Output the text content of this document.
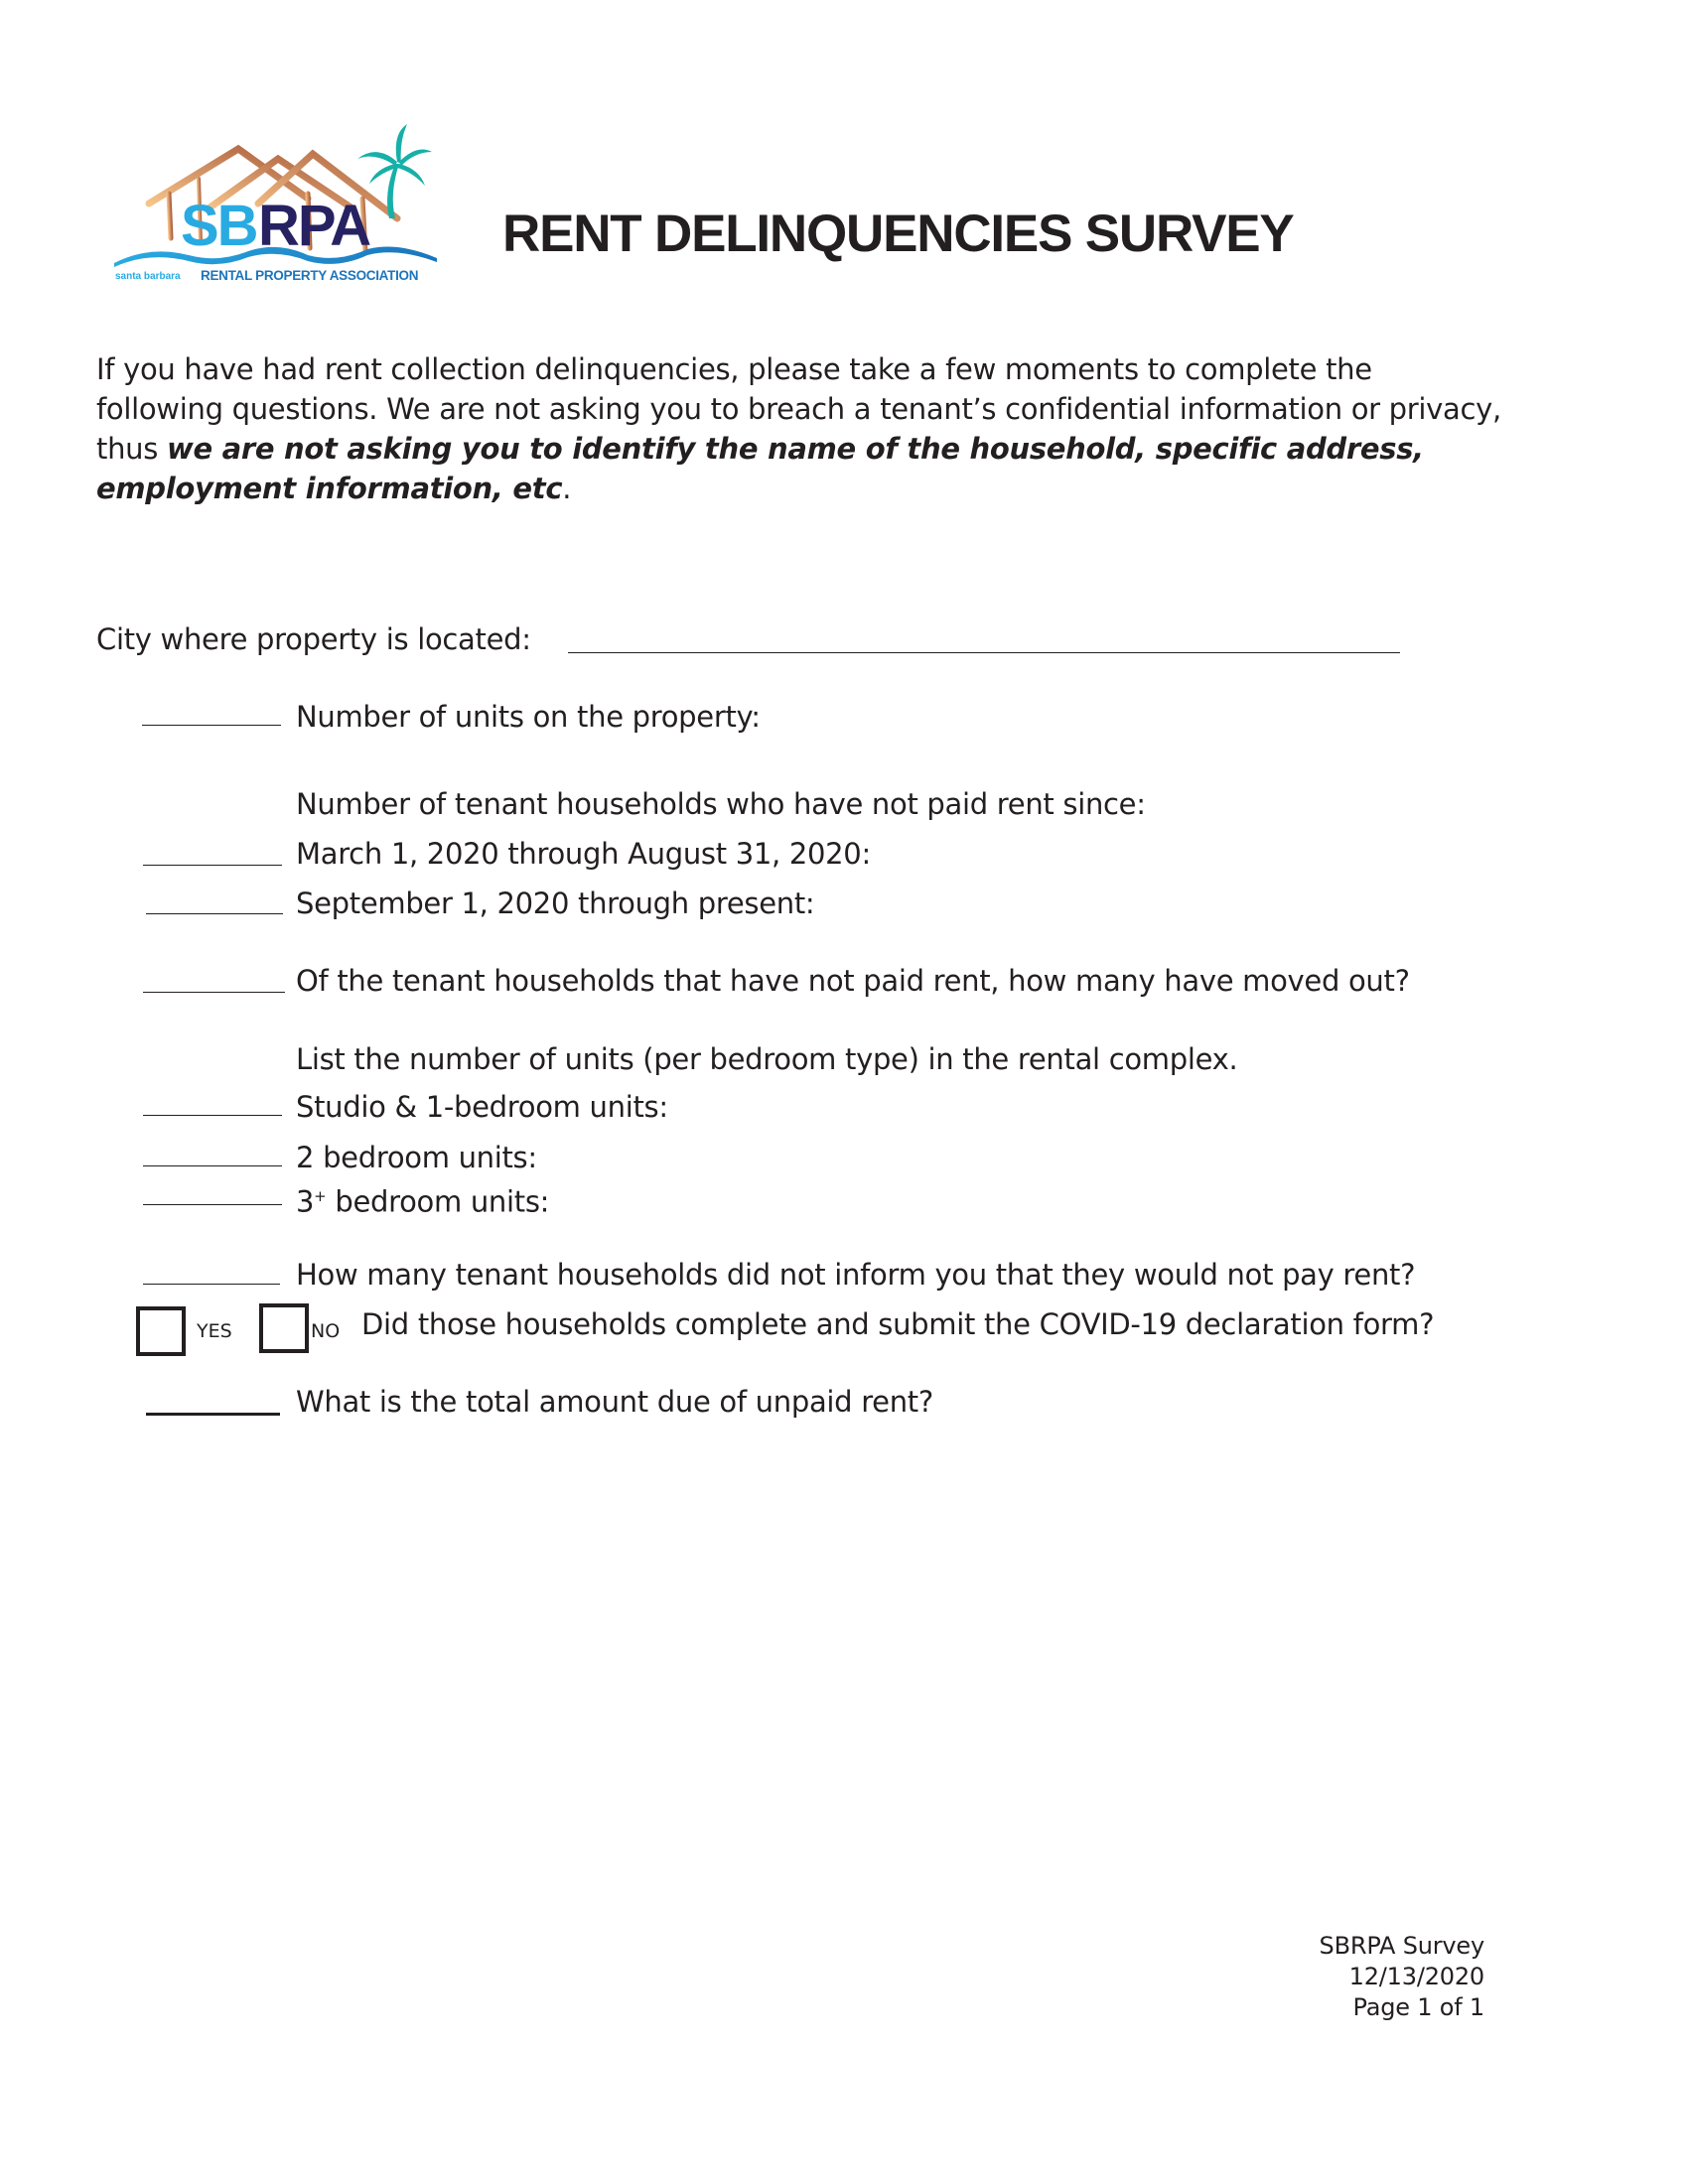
SB RPA
santa barbara RENTAL PROPERTY ASSOCIATION
RENT DELINQUENCIES SURVEY
If you have had rent collection delinquencies, please take a few moments to complete the following questions. We are not asking you to breach a tenant’s confidential information or privacy, thus we are not asking you to identify the name of the household, specific address, employment information, etc.
City where property is located:
Number of units on the property:
Number of tenant households who have not paid rent since:
March 1, 2020 through August 31, 2020:
September 1, 2020 through present:
Of the tenant households that have not paid rent, how many have moved out?
List the number of units (per bedroom type) in the rental complex.
Studio & 1-bedroom units:
2 bedroom units:
3+ bedroom units:
How many tenant households did not inform you that they would not pay rent?
YES	NO Did those households complete and submit the COVID-19 declaration form?
What is the total amount due of unpaid rent?
SBRPA Survey
12/13/2020
Page 1 of 1
